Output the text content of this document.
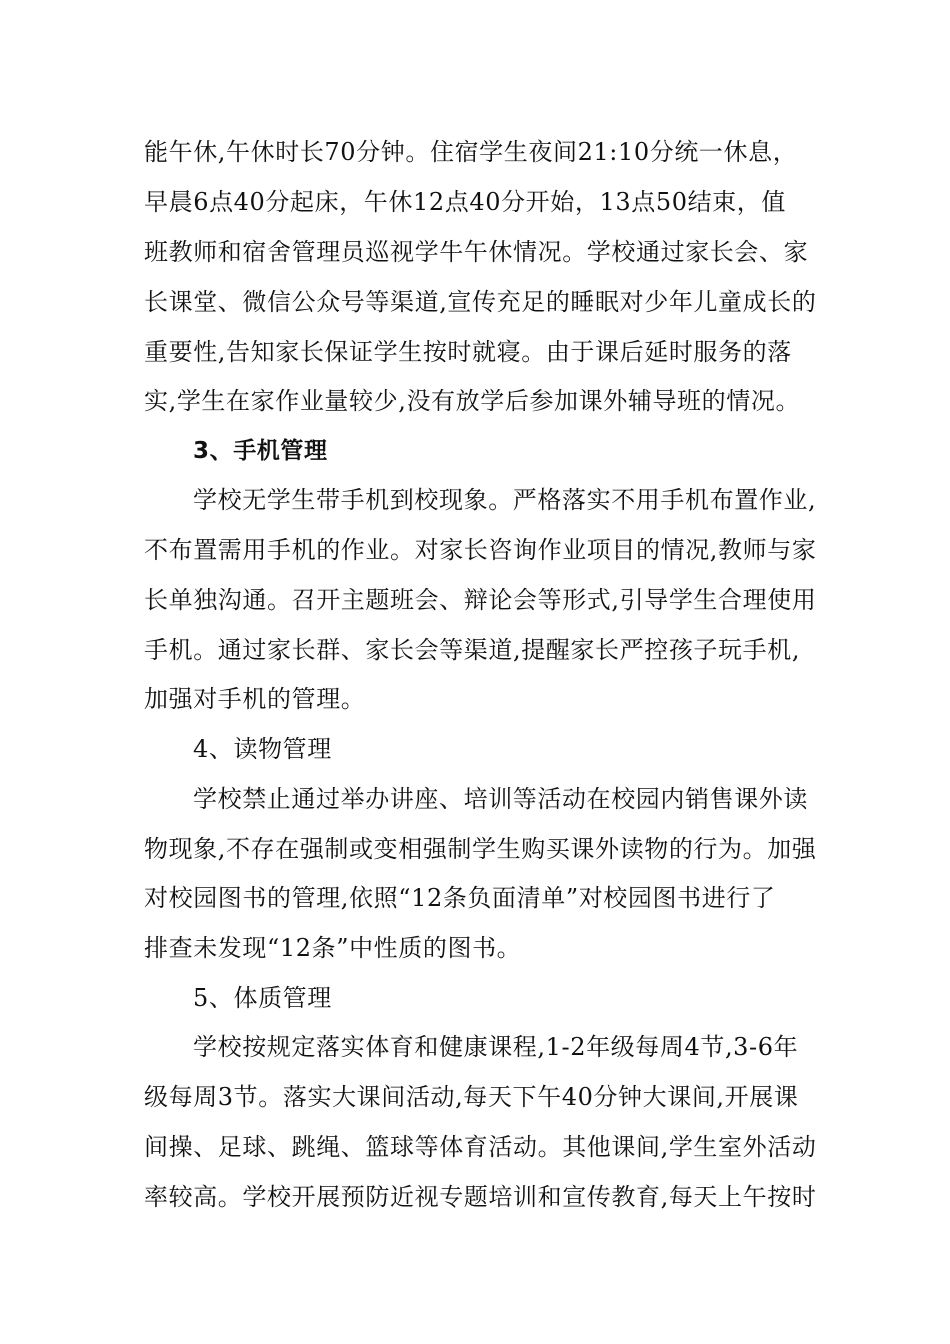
能午休,午休时长70分钟。住宿学生夜间21:10分统一休息，
早晨6点40分起床，午休12点40分开始，13点50结束，值
班教师和宿舍管理员巡视学牛午休情况。学校通过家长会、家
长课堂、微信公众号等渠道,宣传充足的睡眠对少年儿童成长的
重要性,告知家长保证学生按时就寝。由于课后延时服务的落
实,学生在家作业量较少,没有放学后参加课外辅导班的情况。
3、手机管理
学校无学生带手机到校现象。严格落实不用手机布置作业,
不布置需用手机的作业。对家长咨询作业项目的情况,教师与家
长单独沟通。召开主题班会、辩论会等形式,引导学生合理使用
手机。通过家长群、家长会等渠道,提醒家长严控孩子玩手机,
加强对手机的管理。
4、读物管理
学校禁止通过举办讲座、培训等活动在校园内销售课外读
物现象,不存在强制或变相强制学生购买课外读物的行为。加强
对校园图书的管理,依照“12条负面清单”对校园图书进行了
排查未发现“12条”中性质的图书。
5、体质管理
学校按规定落实体育和健康课程,1-2年级每周4节,3-6年
级每周3节。落实大课间活动,每天下午40分钟大课间,开展课
间操、足球、跳绳、篮球等体育活动。其他课间,学生室外活动
率较高。学校开展预防近视专题培训和宣传教育,每天上午按时
